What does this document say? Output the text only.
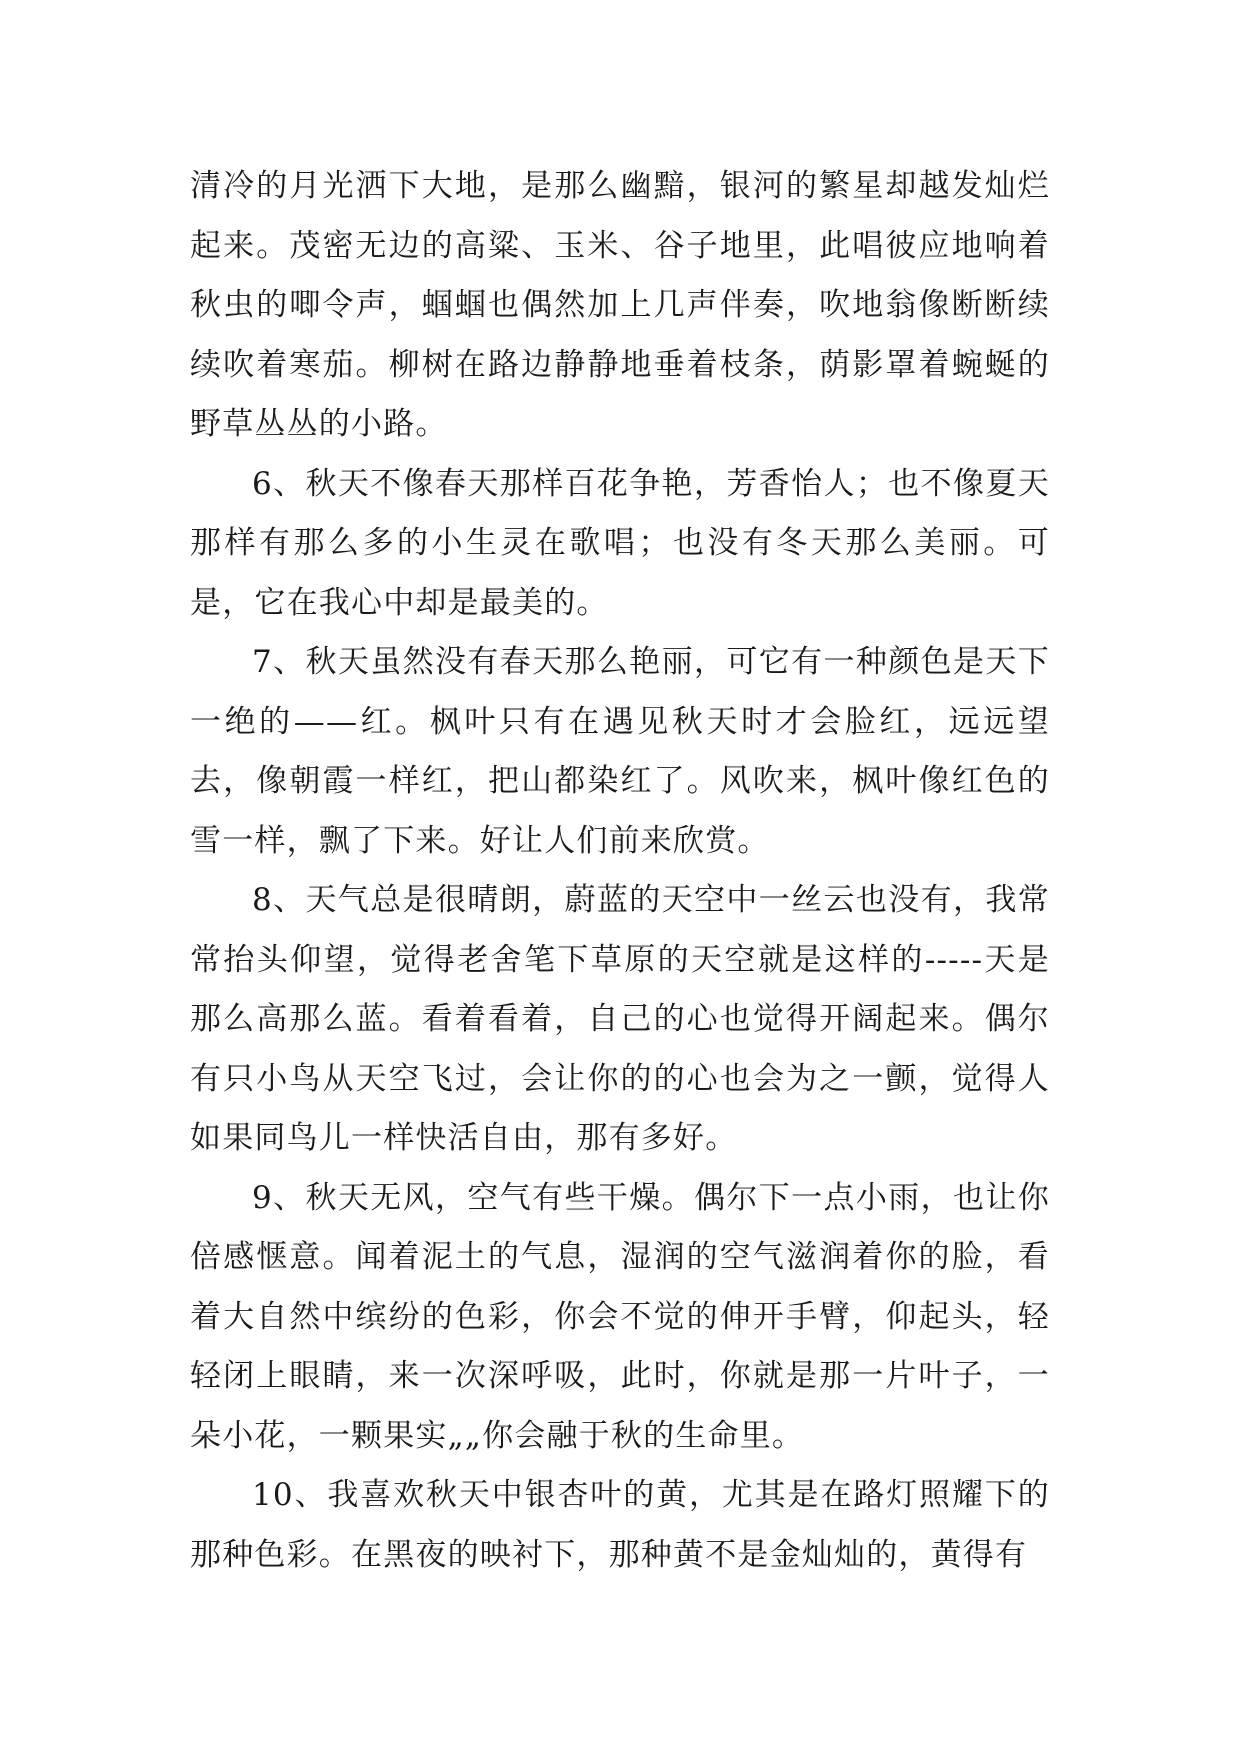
清冷的月光洒下大地，是那么幽黯，银河的繁星却越发灿烂起来。茂密无边的高粱、玉米、谷子地里，此唱彼应地响着秋虫的唧令声，蝈蝈也偶然加上几声伴奏，吹地翁像断断续续吹着寒茄。柳树在路边静静地垂着枝条，荫影罩着蜿蜒的野草丛丛的小路。

6、秋天不像春天那样百花争艳，芳香怡人；也不像夏天那样有那么多的小生灵在歌唱；也没有冬天那么美丽。可是，它在我心中却是最美的。

7、秋天虽然没有春天那么艳丽，可它有一种颜色是天下一绝的——红。枫叶只有在遇见秋天时才会脸红，远远望去，像朝霞一样红，把山都染红了。风吹来，枫叶像红色的雪一样，飘了下来。好让人们前来欣赏。

8、天气总是很晴朗，蔚蓝的天空中一丝云也没有，我常常抬头仰望，觉得老舍笔下草原的天空就是这样的-----天是那么高那么蓝。看着看着，自己的心也觉得开阔起来。偶尔有只小鸟从天空飞过，会让你的的心也会为之一颤，觉得人如果同鸟儿一样快活自由，那有多好。

9、秋天无风，空气有些干燥。偶尔下一点小雨，也让你倍感惬意。闻着泥土的气息，湿润的空气滋润着你的脸，看着大自然中缤纷的色彩，你会不觉的伸开手臂，仰起头，轻轻闭上眼睛，来一次深呼吸，此时，你就是那一片叶子，一朵小花，一颗果实„„你会融于秋的生命里。

10、我喜欢秋天中银杏叶的黄，尤其是在路灯照耀下的那种色彩。在黑夜的映衬下，那种黄不是金灿灿的，黄得有
